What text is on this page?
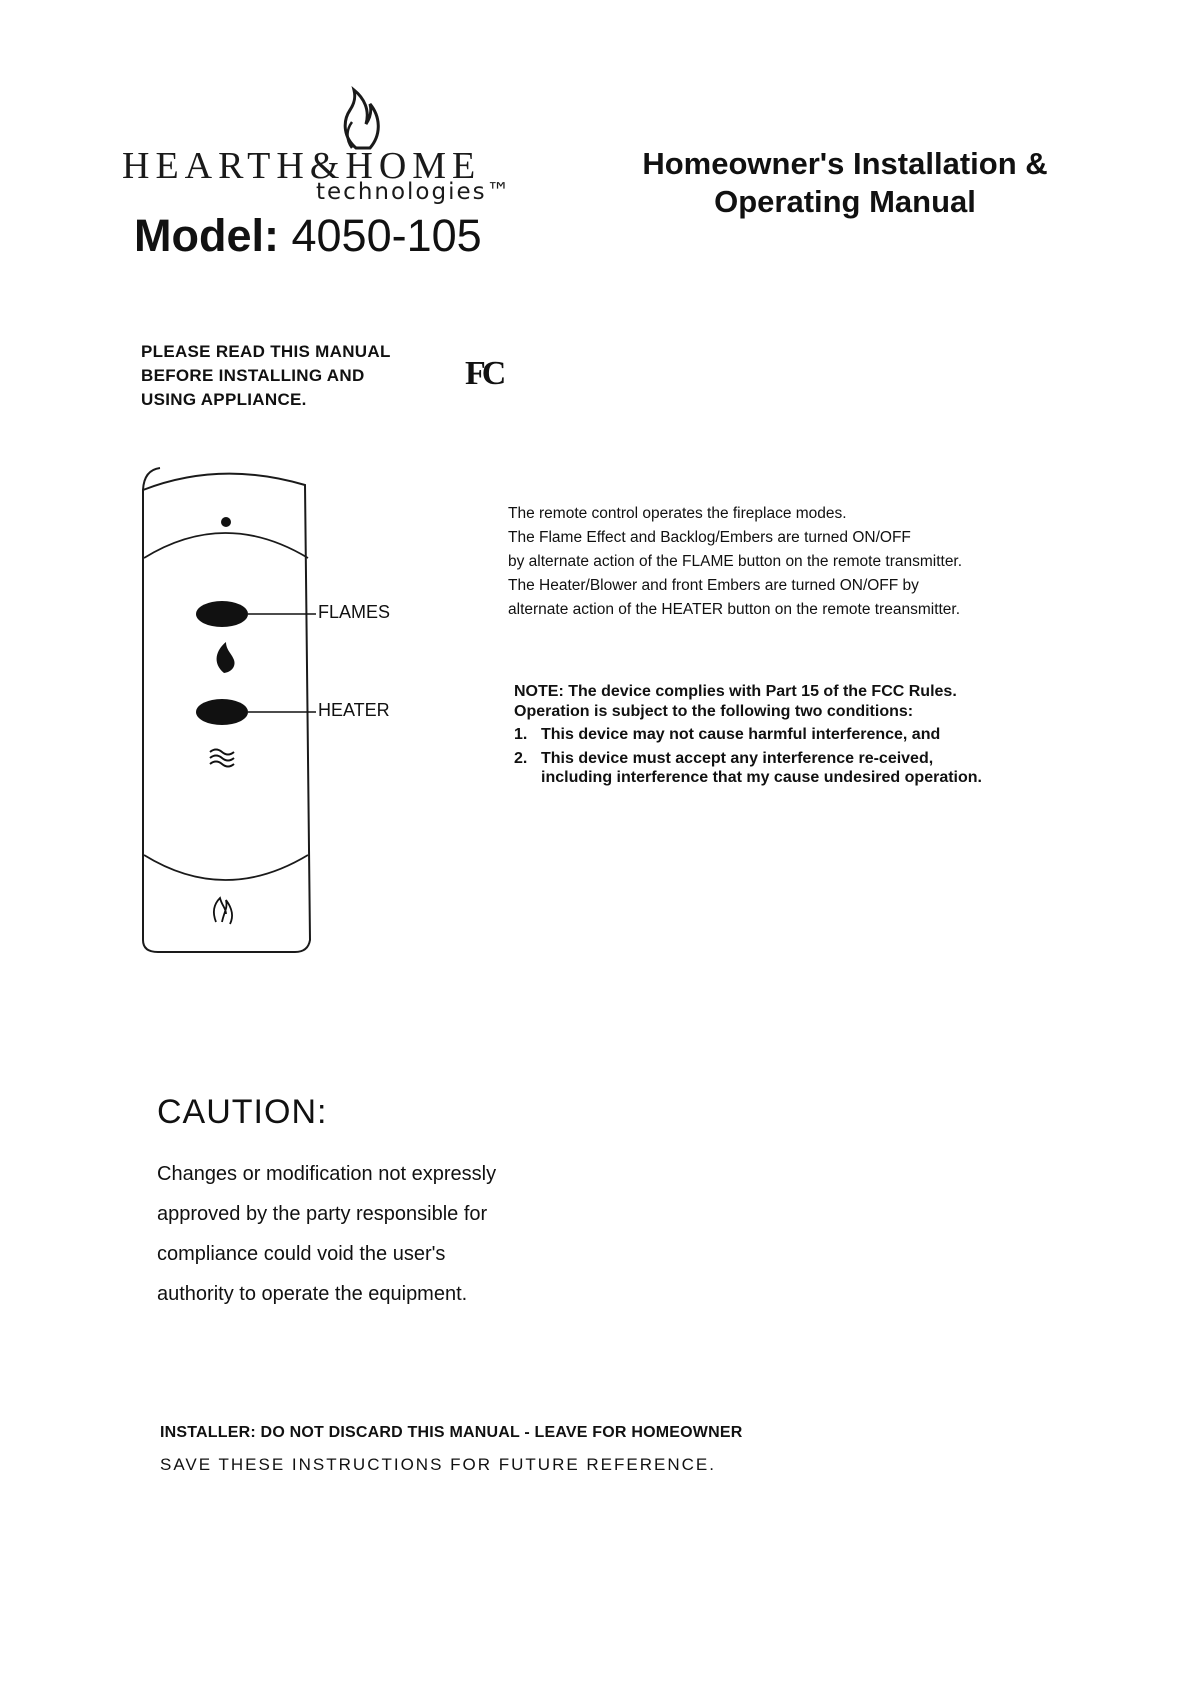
HEARTH&HOME
technologies™
Model: 4050-105
Homeowner's Installation &
Operating Manual
PLEASE READ THIS MANUAL
BEFORE INSTALLING AND
USING APPLIANCE.
FC
FLAMES
HEATER
The remote control operates the fireplace modes.
The Flame Effect and Backlog/Embers are turned ON/OFF
by alternate action of the FLAME button on the remote transmitter.
The Heater/Blower and front Embers are turned ON/OFF by
alternate action of the HEATER button on the remote treansmitter.
NOTE: The device complies with Part 15 of the FCC Rules. Operation is subject to the following two conditions:
1. This device may not cause harmful interference, and
2. This device must accept any interference re-ceived, including interference that my cause undesired operation.
CAUTION:
Changes or modification not expressly
approved by the party responsible for
compliance could void the user's
authority to operate the equipment.
INSTALLER: DO NOT DISCARD THIS MANUAL - LEAVE FOR HOMEOWNER
SAVE THESE INSTRUCTIONS FOR FUTURE REFERENCE.
